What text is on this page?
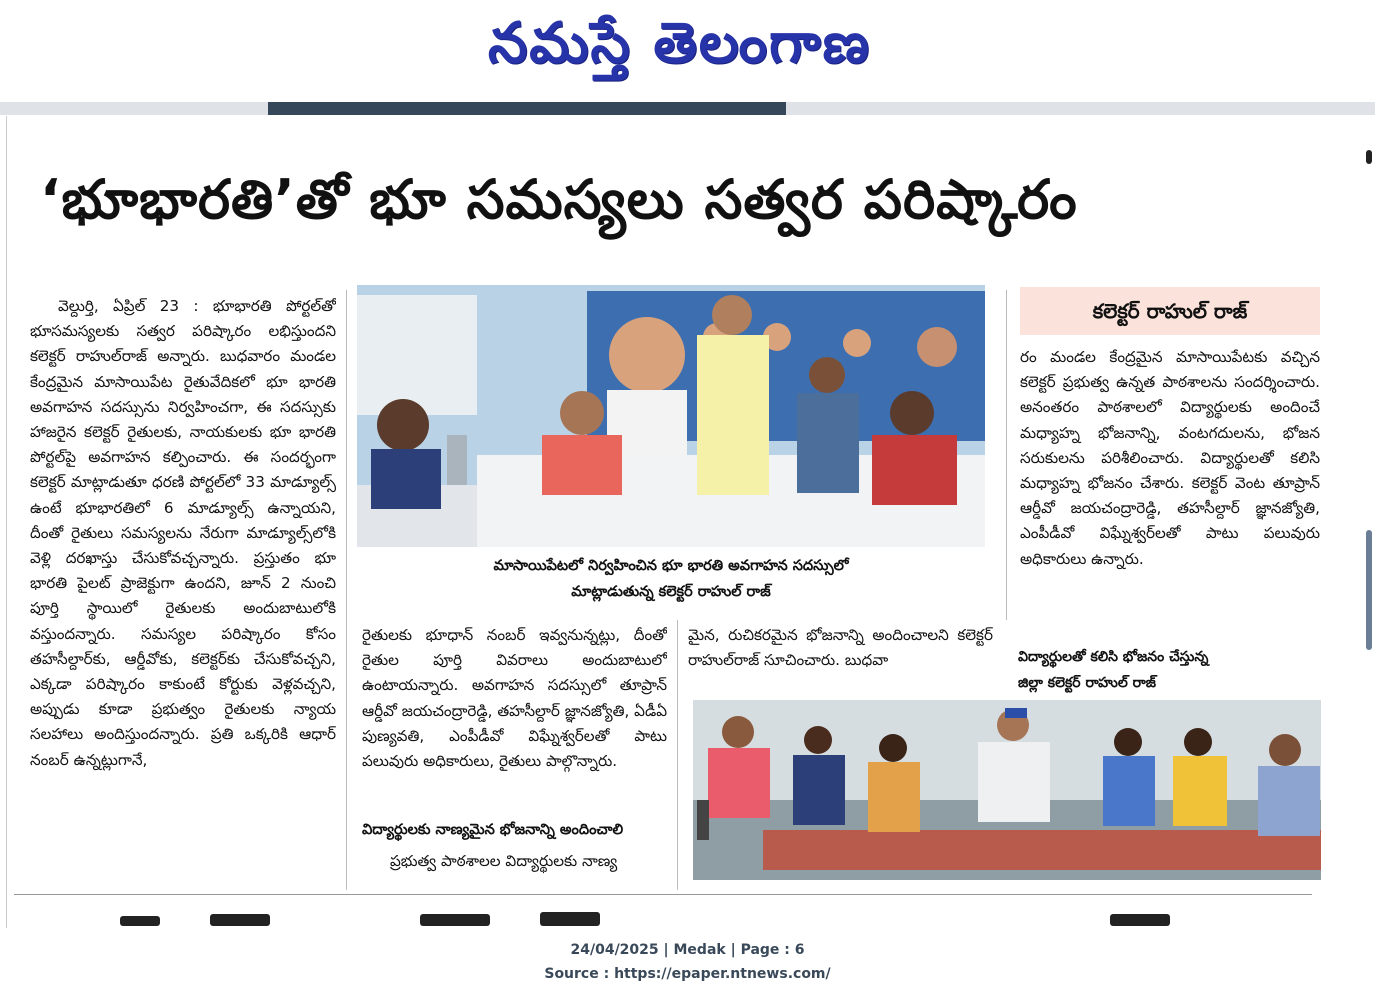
నమస్తే తెలంగాణ
‘భూభారతి’తో భూ సమస్యలు సత్వర పరిష్కారం

వెల్దుర్తి, ఏప్రిల్ 23 : భూభారతి పోర్టల్‌తో భూసమస్యలకు సత్వర పరిష్కారం లభిస్తుందని కలెక్టర్ రాహుల్‌రాజ్ అన్నారు. బుధవారం మండల కేంద్రమైన మాసాయిపేట రైతువేదికలో భూ భారతి అవగాహన సదస్సును నిర్వహించగా, ఈ సదస్సుకు హాజరైన కలెక్టర్ రైతులకు, నాయకులకు భూ భారతి పోర్టల్‌పై అవగాహన కల్పించారు. ఈ సందర్భంగా కలెక్టర్ మాట్లాడుతూ ధరణి పోర్టల్‌లో 33 మాడ్యూల్స్ ఉంటే భూభారతిలో 6 మాడ్యూల్స్ ఉన్నాయని, దీంతో రైతులు సమస్యలను నేరుగా మాడ్యూల్స్‌లోకి వెళ్లి దరఖాస్తు చేసుకోవచ్చన్నారు. ప్రస్తుతం భూ భారతి పైలట్ ప్రాజెక్టుగా ఉందని, జూన్ 2 నుంచి పూర్తి స్థాయిలో రైతులకు అందుబాటులోకి వస్తుందన్నారు. సమస్యల పరిష్కారం కోసం తహసీల్దార్‌కు, ఆర్డీవోకు, కలెక్టర్‌కు చేసుకోవచ్చని, ఎక్కడా పరిష్కారం కాకుంటే కోర్టుకు వెళ్లవచ్చని, అప్పుడు కూడా ప్రభుత్వం రైతులకు న్యాయ సలహాలు అందిస్తుందన్నారు. ప్రతి ఒక్కరికి ఆధార్ నంబర్ ఉన్నట్లుగానే,

మాసాయిపేటలో నిర్వహించిన భూ భారతి అవగాహన సదస్సులో
మాట్లాడుతున్న కలెక్టర్ రాహుల్ రాజ్

రైతులకు భూధాన్ నంబర్ ఇవ్వనున్నట్లు, దీంతో రైతుల పూర్తి వివరాలు అందుబాటులో ఉంటాయన్నారు. అవగాహన సదస్సులో తూప్రాన్ ఆర్డీవో జయచంద్రారెడ్డి, తహసీల్దార్ జ్ఞానజ్యోతి, ఏడీఏ పుణ్యవతి, ఎంపీడీవో విఘ్నేశ్వర్‌లతో పాటు పలువురు అధికారులు, రైతులు పాల్గొన్నారు.

విద్యార్థులకు నాణ్యమైన భోజనాన్ని అందించాలి

ప్రభుత్వ పాఠశాలల విద్యార్థులకు నాణ్య

మైన, రుచికరమైన భోజనాన్ని అందించాలని కలెక్టర్ రాహుల్‌రాజ్ సూచించారు. బుధవా

కలెక్టర్ రాహుల్ రాజ్

రం మండల కేంద్రమైన మాసాయిపేటకు వచ్చిన కలెక్టర్ ప్రభుత్వ ఉన్నత పాఠశాలను సందర్శించారు. అనంతరం పాఠశాలలో విద్యార్థులకు అందించే మధ్యాహ్న భోజనాన్ని, వంటగదులను, భోజన సరుకులను పరిశీలించారు. విద్యార్థులతో కలిసి మధ్యాహ్న భోజనం చేశారు. కలెక్టర్ వెంట తూప్రాన్ ఆర్డీవో జయచంద్రారెడ్డి, తహసీల్దార్ జ్ఞానజ్యోతి, ఎంపీడీవో విఘ్నేశ్వర్‌లతో పాటు పలువురు అధికారులు ఉన్నారు.

విద్యార్థులతో కలిసి భోజనం చేస్తున్న
జిల్లా కలెక్టర్ రాహుల్ రాజ్
24/04/2025 | Medak | Page : 6
Source : https://epaper.ntnews.com/
